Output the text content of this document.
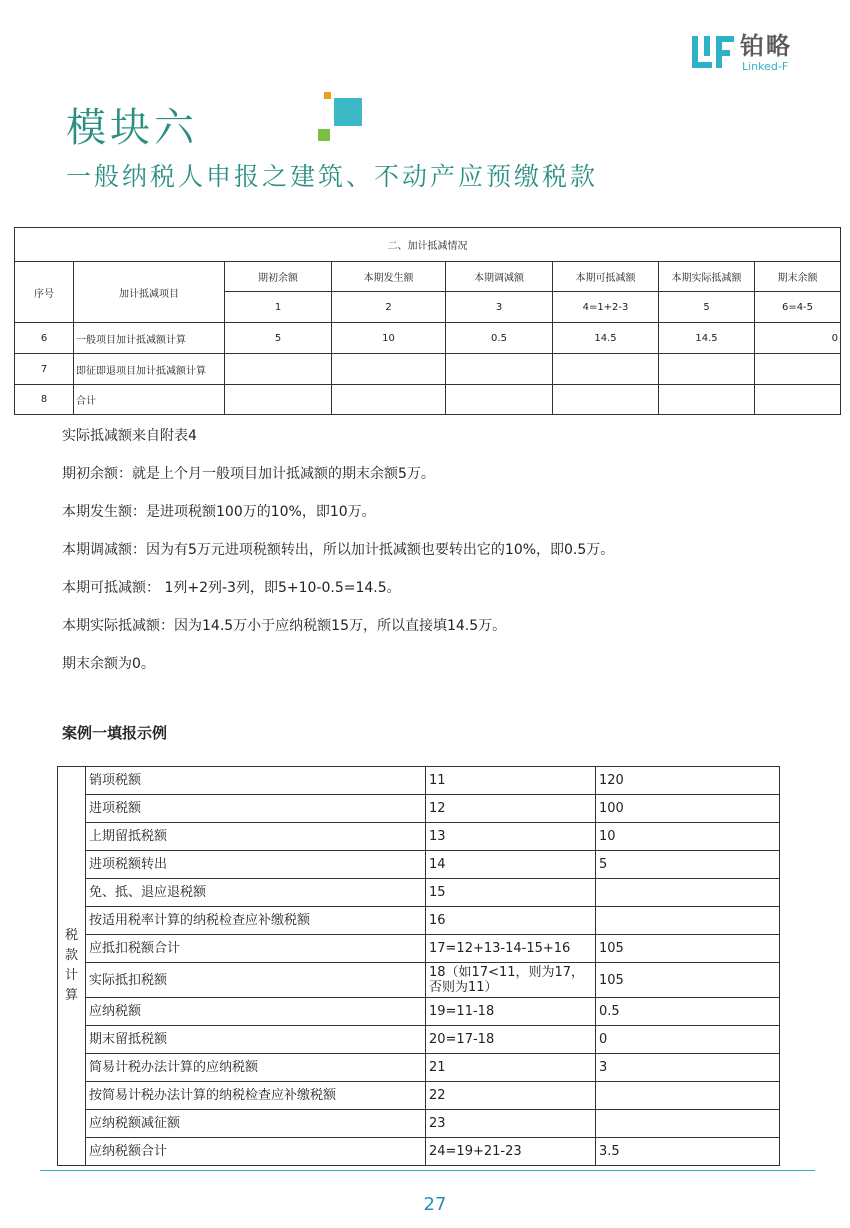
铂略
Linked-F
模块六
一般纳税人申报之建筑、不动产应预缴税款
二、加计抵减情况							
序号	加计抵减项目	期初余额	本期发生额	本期调减额	本期可抵减额	本期实际抵减额	期末余额
		1	2	3	4=1+2-3	5	6=4-5
6	一般项目加计抵减额计算	5	10	0.5	14.5	14.5	0
7	即征即退项目加计抵减额计算						
8	合计						

实际抵减额来自附表4

期初余额：就是上个月一般项目加计抵减额的期末余额5万。

本期发生额：是进项税额100万的10%，即10万。

本期调减额：因为有5万元进项税额转出，所以加计抵减额也要转出它的10%，即0.5万。

本期可抵减额： 1列+2列-3列，即5+10-0.5=14.5。

本期实际抵减额：因为14.5万小于应纳税额15万，所以直接填14.5万。

期末余额为0。

案例一填报示例
税款计算	销项税额	11	120
	进项税额	12	100
	上期留抵税额	13	10
	进项税额转出	14	5
	免、抵、退应退税额	15	
	按适用税率计算的纳税检查应补缴税额	16	
	应抵扣税额合计	17=12+13-14-15+16	105
	实际抵扣税额	18（如17<11，则为17，否则为11）	105
	应纳税额	19=11-18	0.5
	期末留抵税额	20=17-18	0
	简易计税办法计算的应纳税额	21	3
	按简易计税办法计算的纳税检查应补缴税额	22	
	应纳税额减征额	23	
	应纳税额合计	24=19+21-23	3.5
27
